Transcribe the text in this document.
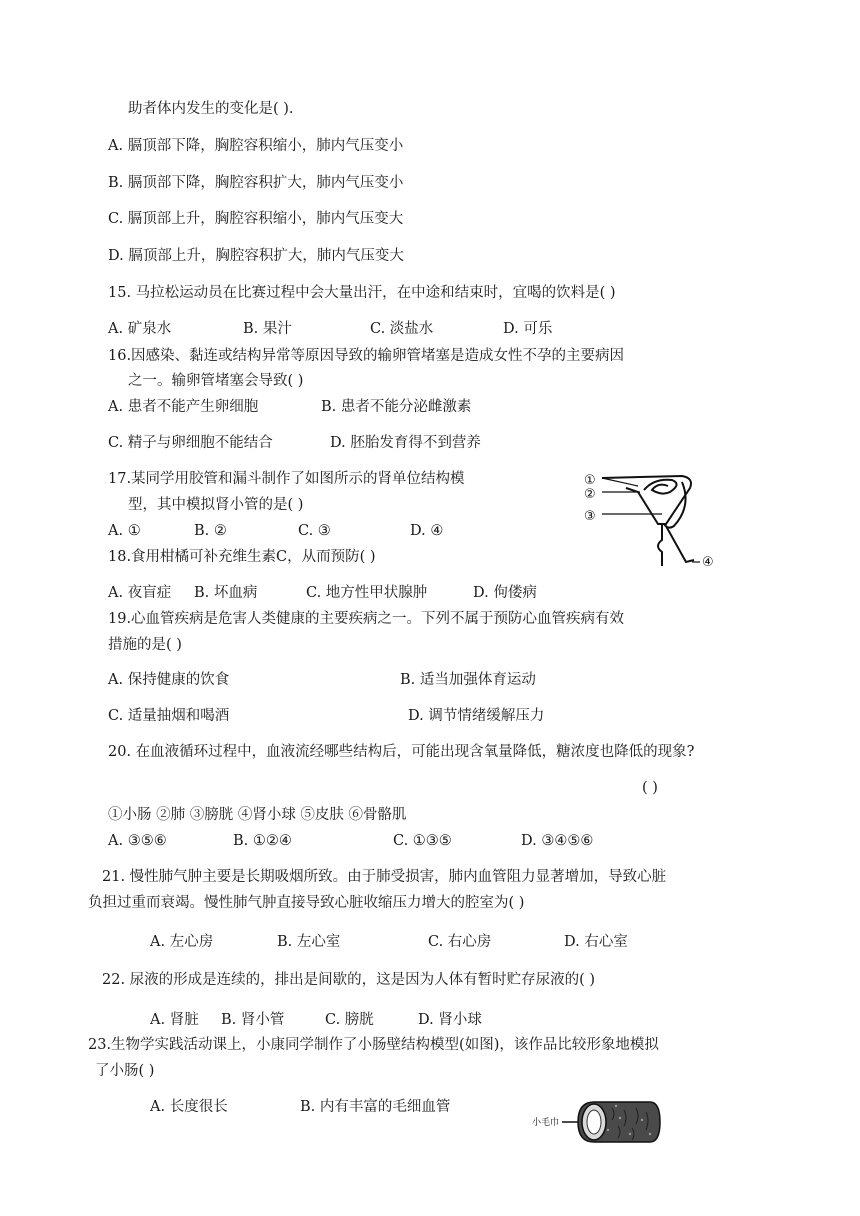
助者体内发生的变化是( ).
A. 膈顶部下降，胸腔容积缩小，肺内气压变小
B. 膈顶部下降，胸腔容积扩大，肺内气压变小
C. 膈顶部上升，胸腔容积缩小，肺内气压变大
D. 膈顶部上升，胸腔容积扩大，肺内气压变大
15. 马拉松运动员在比赛过程中会大量出汗，在中途和结束时，宜喝的饮料是( )
A. 矿泉水	B. 果汁	C. 淡盐水	D. 可乐
16.因感染、黏连或结构异常等原因导致的输卵管堵塞是造成女性不孕的主要病因
之一。输卵管堵塞会导致( )
A. 患者不能产生卵细胞	B. 患者不能分泌雌激素
C. 精子与卵细胞不能结合	D. 胚胎发育得不到营养
17.某同学用胶管和漏斗制作了如图所示的肾单位结构模
型，其中模拟肾小管的是( )
A. ①	B. ②	C. ③	D. ④
①
②
③
④
18.食用柑橘可补充维生素C，从而预防( )
A. 夜盲症 B. 坏血病	C. 地方性甲状腺肿	D. 佝偻病
19.心血管疾病是危害人类健康的主要疾病之一。下列不属于预防心血管疾病有效
措施的是( )
A. 保持健康的饮食	B. 适当加强体育运动
C. 适量抽烟和喝酒	D. 调节情绪缓解压力
20. 在血液循环过程中，血液流经哪些结构后，可能出现含氧量降低，糖浓度也降低的现象?
( )
①小肠 ②肺 ③膀胱 ④肾小球 ⑤皮肤 ⑥骨骼肌
A. ③⑤⑥	B. ①②④	C. ①③⑤	D. ③④⑤⑥
21. 慢性肺气肿主要是长期吸烟所致。由于肺受损害，肺内血管阻力显著增加，导致心脏
负担过重而衰竭。慢性肺气肿直接导致心脏收缩压力增大的腔室为( )
A. 左心房	B. 左心室	C. 右心房	D. 右心室
22. 尿液的形成是连续的，排出是间歇的，这是因为人体有暂时贮存尿液的( )
A. 肾脏 B. 肾小管	C. 膀胱	D. 肾小球
23.生物学实践活动课上，小康同学制作了小肠壁结构模型(如图)，该作品比较形象地模拟
了小肠( )
A. 长度很长	B. 内有丰富的毛细血管
小毛巾
